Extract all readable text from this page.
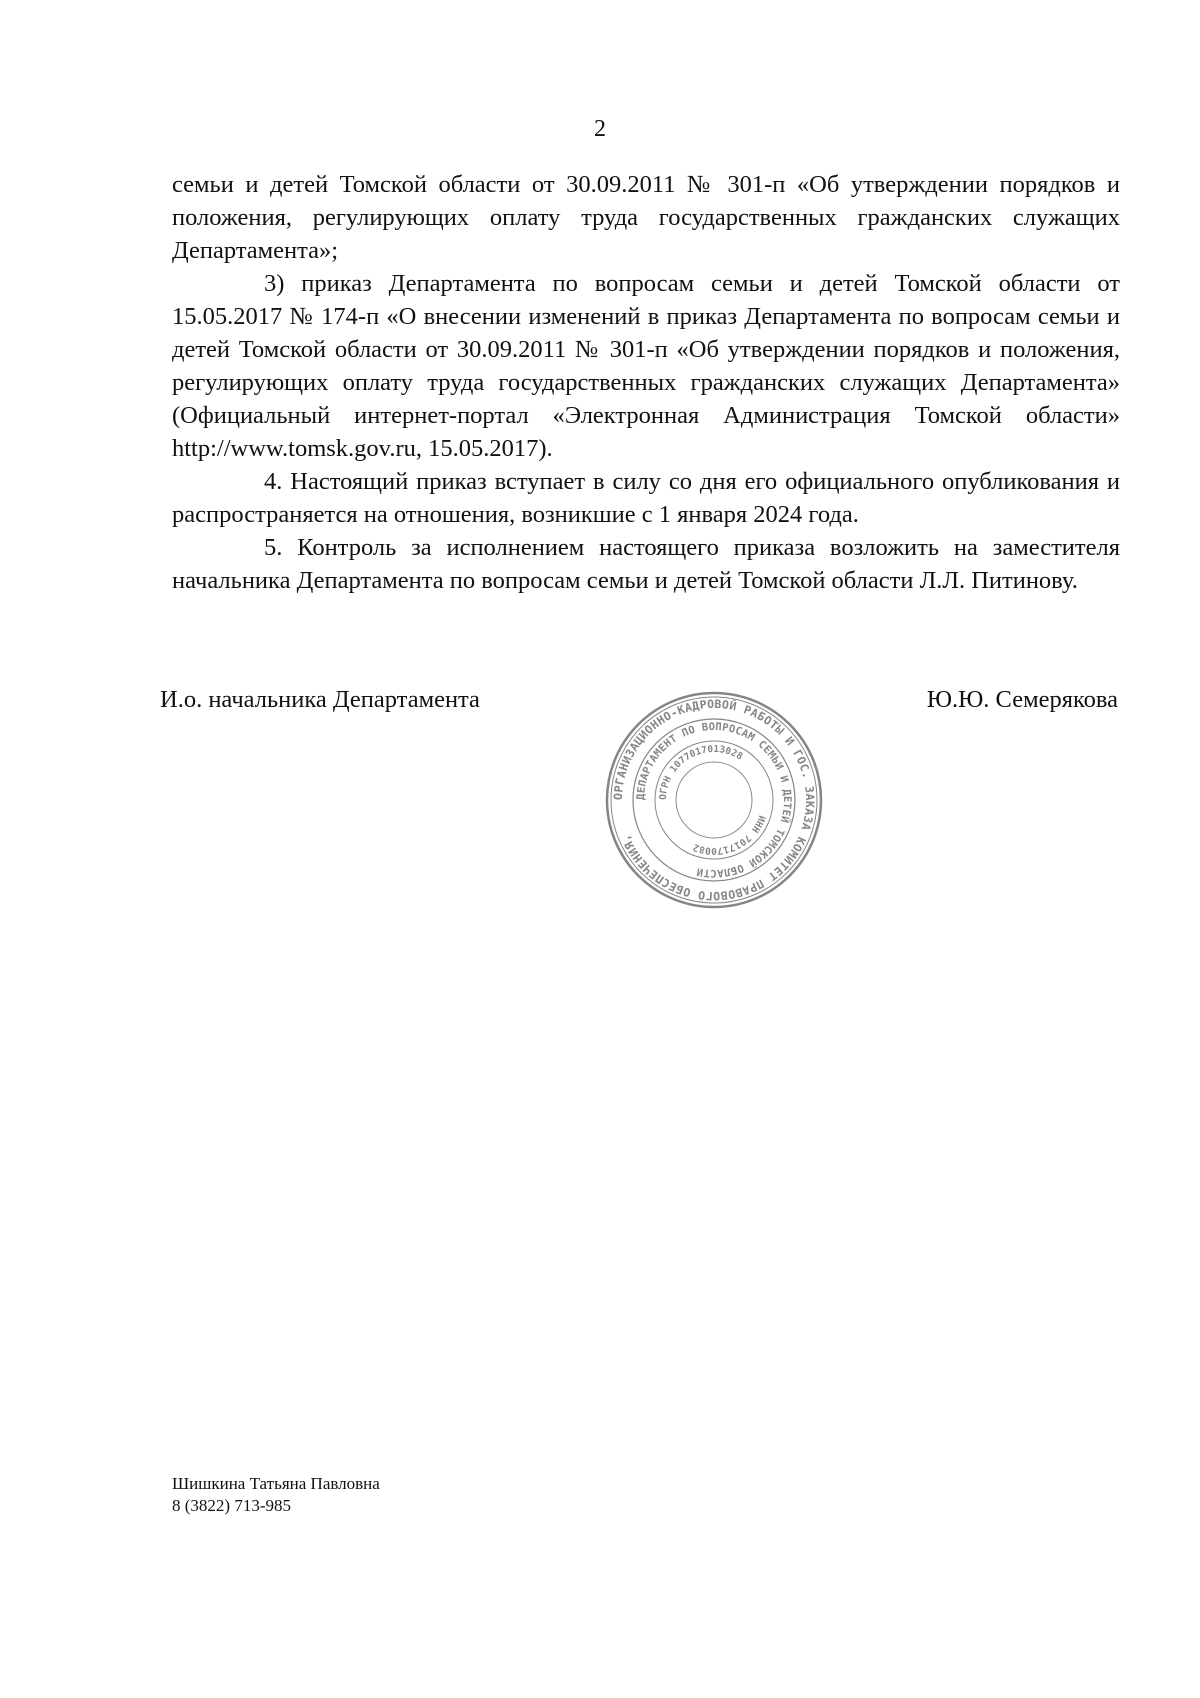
2

семьи и детей Томской области от 30.09.2011 № 301-п «Об утверждении порядков и положения, регулирующих оплату труда государственных гражданских служащих Департамента»;

3) приказ Департамента по вопросам семьи и детей Томской области от 15.05.2017 № 174-п «О внесении изменений в приказ Департамента по вопросам семьи и детей Томской области от 30.09.2011 № 301-п «Об утверждении порядков и положения, регулирующих оплату труда государственных гражданских служащих Департамента» (Официальный интернет-портал «Электронная Администрация Томской области» http://www.tomsk.gov.ru, 15.05.2017).

4. Настоящий приказ вступает в силу со дня его официального опубликования и распространяется на отношения, возникшие с 1 января 2024 года.

5. Контроль за исполнением настоящего приказа возложить на заместителя начальника Департамента по вопросам семьи и детей Томской области Л.Л. Питинову.

И.о. начальника Департамента	Ю.Ю. Семерякова
ОРГАНИЗАЦИОННО-КАДРОВОЙ РАБОТЫ И ГОС. ЗАКАЗА КОМИТЕТ ПРАВОВОГО ОБЕСПЕЧЕНИЯ,
ДЕПАРТАМЕНТ ПО ВОПРОСАМ СЕМЬИ И ДЕТЕЙ ТОМСКОЙ ОБЛАСТИ
ОГРН 1077017013028
ИНН 7017170082
Шишкина Татьяна Павловна
8 (3822) 713-985
